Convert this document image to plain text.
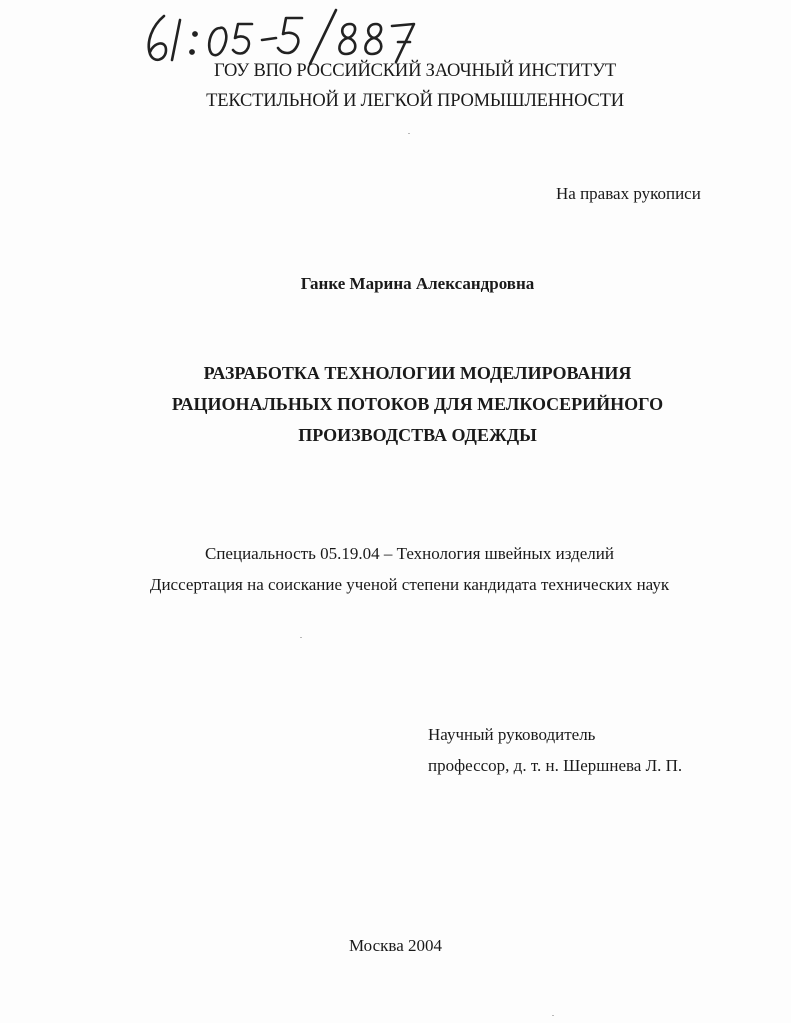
ГОУ ВПО РОССИЙСКИЙ ЗАОЧНЫЙ ИНСТИТУТ
ТЕКСТИЛЬНОЙ И ЛЕГКОЙ ПРОМЫШЛЕННОСТИ
На правах рукописи
Ганке Марина Александровна
РАЗРАБОТКА ТЕХНОЛОГИИ МОДЕЛИРОВАНИЯ
РАЦИОНАЛЬНЫХ ПОТОКОВ ДЛЯ МЕЛКОСЕРИЙНОГО
ПРОИЗВОДСТВА ОДЕЖДЫ
Специальность 05.19.04 – Технология швейных изделий
Диссертация на соискание ученой степени кандидата технических наук
Научный руководитель
профессор, д. т. н. Шершнева Л. П.
Москва 2004
